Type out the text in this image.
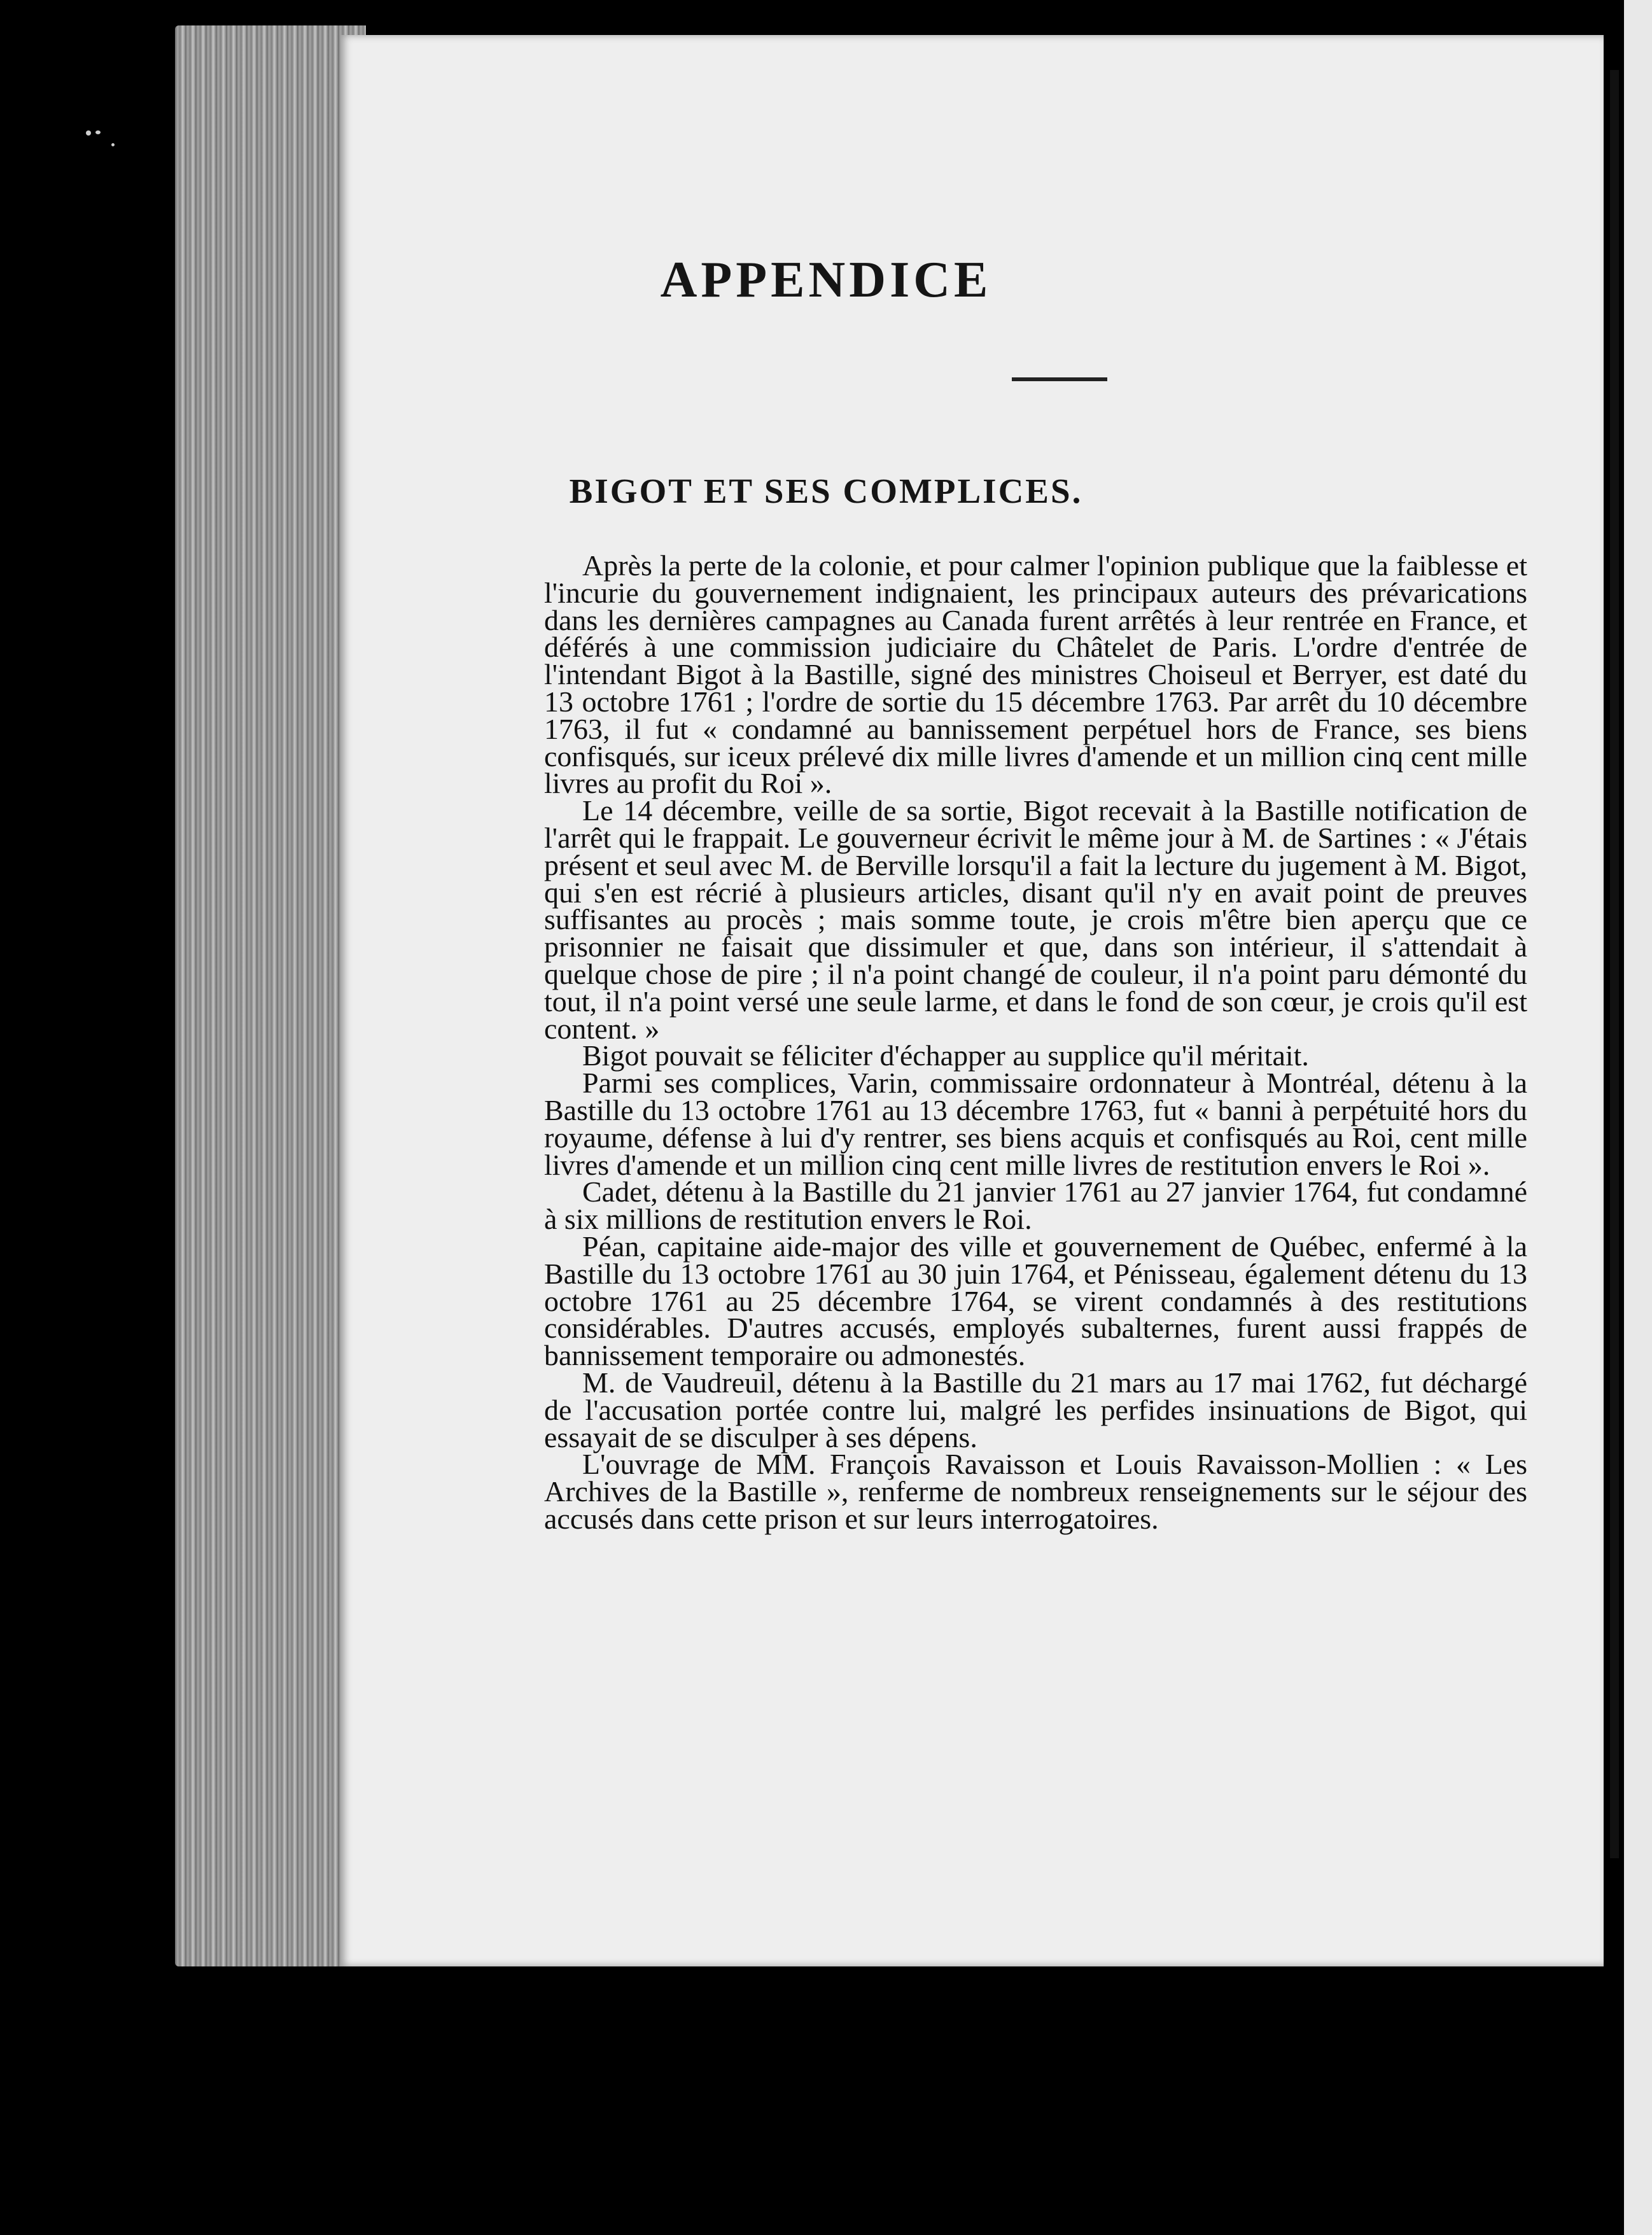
APPENDICE
BIGOT ET SES COMPLICES.

Après la perte de la colonie, et pour calmer l'opinion publique que la faiblesse et l'incurie du gouvernement indignaient, les principaux auteurs des prévarications dans les dernières campagnes au Canada furent arrêtés à leur rentrée en France, et déférés à une commission judiciaire du Châtelet de Paris. L'ordre d'entrée de l'intendant Bigot à la Bastille, signé des ministres Choiseul et Berryer, est daté du 13 octobre 1761 ; l'ordre de sortie du 15 décembre 1763. Par arrêt du 10 décembre 1763, il fut « condamné au bannissement perpétuel hors de France, ses biens confisqués, sur iceux prélevé dix mille livres d'amende et un million cinq cent mille livres au profit du Roi ».

Le 14 décembre, veille de sa sortie, Bigot recevait à la Bastille notification de l'arrêt qui le frappait. Le gouverneur écrivit le même jour à M. de Sartines : « J'étais présent et seul avec M. de Berville lorsqu'il a fait la lecture du jugement à M. Bigot, qui s'en est récrié à plusieurs articles, disant qu'il n'y en avait point de preuves suffisantes au procès ; mais somme toute, je crois m'être bien aperçu que ce prisonnier ne faisait que dissimuler et que, dans son intérieur, il s'attendait à quelque chose de pire ; il n'a point changé de couleur, il n'a point paru démonté du tout, il n'a point versé une seule larme, et dans le fond de son cœur, je crois qu'il est content. »

Bigot pouvait se féliciter d'échapper au supplice qu'il méritait.

Parmi ses complices, Varin, commissaire ordonnateur à Montréal, détenu à la Bastille du 13 octobre 1761 au 13 décembre 1763, fut « banni à perpétuité hors du royaume, défense à lui d'y rentrer, ses biens acquis et confisqués au Roi, cent mille livres d'amende et un million cinq cent mille livres de restitution envers le Roi ».

Cadet, détenu à la Bastille du 21 janvier 1761 au 27 janvier 1764, fut condamné à six millions de restitution envers le Roi.

Péan, capitaine aide-major des ville et gouvernement de Québec, enfermé à la Bastille du 13 octobre 1761 au 30 juin 1764, et Pénisseau, également détenu du 13 octobre 1761 au 25 décembre 1764, se virent condamnés à des restitutions considérables. D'autres accusés, employés subalternes, furent aussi frappés de bannissement temporaire ou admonestés.

M. de Vaudreuil, détenu à la Bastille du 21 mars au 17 mai 1762, fut déchargé de l'accusation portée contre lui, malgré les perfides insinuations de Bigot, qui essayait de se disculper à ses dépens.

L'ouvrage de MM. François Ravaisson et Louis Ravaisson-Mollien : « Les Archives de la Bastille », renferme de nombreux renseignements sur le séjour des accusés dans cette prison et sur leurs interrogatoires.
